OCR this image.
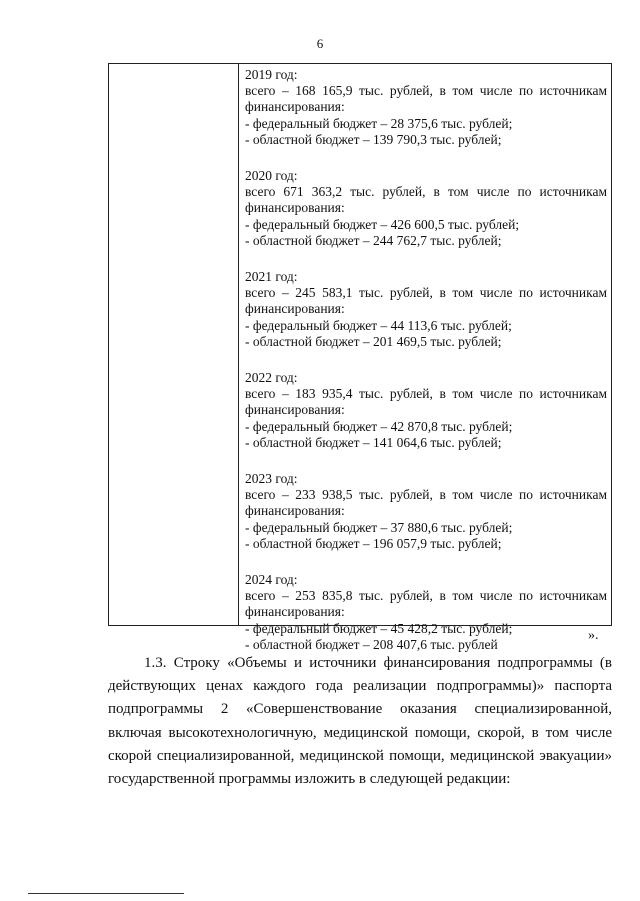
6
2019 год:
всего – 168 165,9 тыс. рублей, в том числе по источникам
финансирования:
- федеральный бюджет – 28 375,6 тыс. рублей;
- областной бюджет – 139 790,3 тыс. рублей;
2020 год:
всего 671 363,2 тыс. рублей, в том числе по источникам
финансирования:
- федеральный бюджет – 426 600,5 тыс. рублей;
- областной бюджет – 244 762,7 тыс. рублей;
2021 год:
всего – 245 583,1 тыс. рублей, в том числе по источникам
финансирования:
- федеральный бюджет – 44 113,6 тыс. рублей;
- областной бюджет – 201 469,5 тыс. рублей;
2022 год:
всего – 183 935,4 тыс. рублей, в том числе по источникам
финансирования:
- федеральный бюджет – 42 870,8 тыс. рублей;
- областной бюджет – 141 064,6 тыс. рублей;
2023 год:
всего – 233 938,5 тыс. рублей, в том числе по источникам
финансирования:
- федеральный бюджет – 37 880,6 тыс. рублей;
- областной бюджет – 196 057,9 тыс. рублей;
2024 год:
всего – 253 835,8 тыс. рублей, в том числе по источникам
финансирования:
- федеральный бюджет – 45 428,2 тыс. рублей;
- областной бюджет – 208 407,6 тыс. рублей
».
1.3. Строку «Объемы и источники финансирования подпрограммы (в
действующих ценах каждого года реализации подпрограммы)» паспорта
подпрограммы 2 «Совершенствование оказания специализированной,
включая высокотехнологичную, медицинской помощи, скорой, в том числе
скорой специализированной, медицинской помощи, медицинской эвакуации»
государственной программы изложить в следующей редакции:
